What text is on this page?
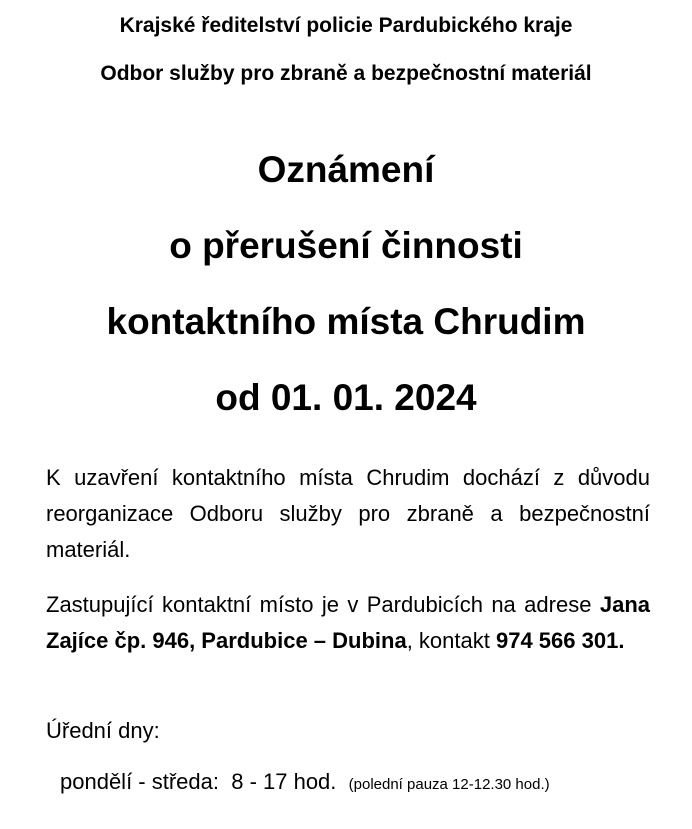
Krajské ředitelství policie Pardubického kraje
Odbor služby pro zbraně a bezpečnostní materiál
Oznámení
o přerušení činnosti
kontaktního místa Chrudim
od 01. 01. 2024

K uzavření kontaktního místa Chrudim dochází z důvodu reorganizace Odboru služby pro zbraně a bezpečnostní materiál.

Zastupující kontaktní místo je v Pardubicích na adrese Jana Zajíce čp. 946, Pardubice – Dubina, kontakt 974 566 301.

Úřední dny:

pondělí - středa: 8 - 17 hod. (polední pauza 12-12.30 hod.)
